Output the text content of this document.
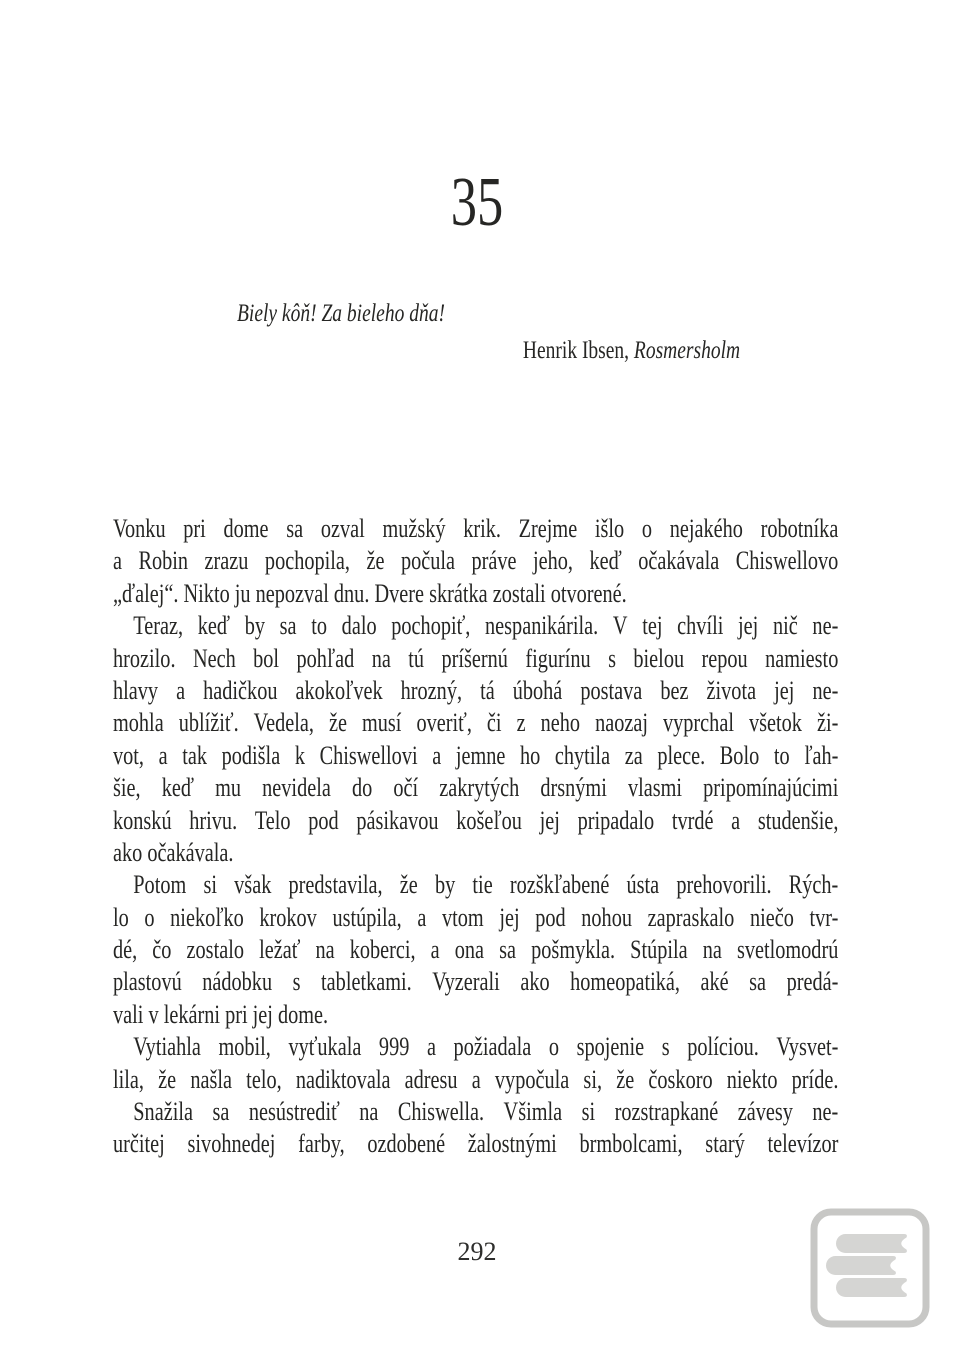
35
Biely kôň! Za bieleho dňa!
Henrik Ibsen, Rosmersholm
Vonku pri dome sa ozval mužský krik. Zrejme išlo o nejakého robotníka
a Robin zrazu pochopila, že počula práve jeho, keď očakávala Chiswellovo
„ďalej“. Nikto ju nepozval dnu. Dvere skrátka zostali otvorené.
Teraz, keď by sa to dalo pochopiť, nespanikárila. V tej chvíli jej nič ne-
hrozilo. Nech bol pohľad na tú príšernú figurínu s bielou repou namiesto
hlavy a hadičkou akokoľvek hrozný, tá úbohá postava bez života jej ne-
mohla ublížiť. Vedela, že musí overiť, či z neho naozaj vyprchal všetok ži-
vot, a tak podišla k Chiswellovi a jemne ho chytila za plece. Bolo to ľah-
šie, keď mu nevidela do očí zakrytých drsnými vlasmi pripomínajúcimi
konskú hrivu. Telo pod pásikavou košeľou jej pripadalo tvrdé a studenšie,
ako očakávala.
Potom si však predstavila, že by tie rozškľabené ústa prehovorili. Rých-
lo o niekoľko krokov ustúpila, a vtom jej pod nohou zapraskalo niečo tvr-
dé, čo zostalo ležať na koberci, a ona sa pošmykla. Stúpila na svetlomodrú
plastovú nádobku s tabletkami. Vyzerali ako homeopatiká, aké sa predá-
vali v lekárni pri jej dome.
Vytiahla mobil, vyťukala 999 a požiadala o spojenie s políciou. Vysvet-
lila, že našla telo, nadiktovala adresu a vypočula si, že čoskoro niekto príde.
Snažila sa nesústrediť na Chiswella. Všimla si rozstrapkané závesy ne-
určitej sivohnedej farby, ozdobené žalostnými brmbolcami, starý televízor
292
